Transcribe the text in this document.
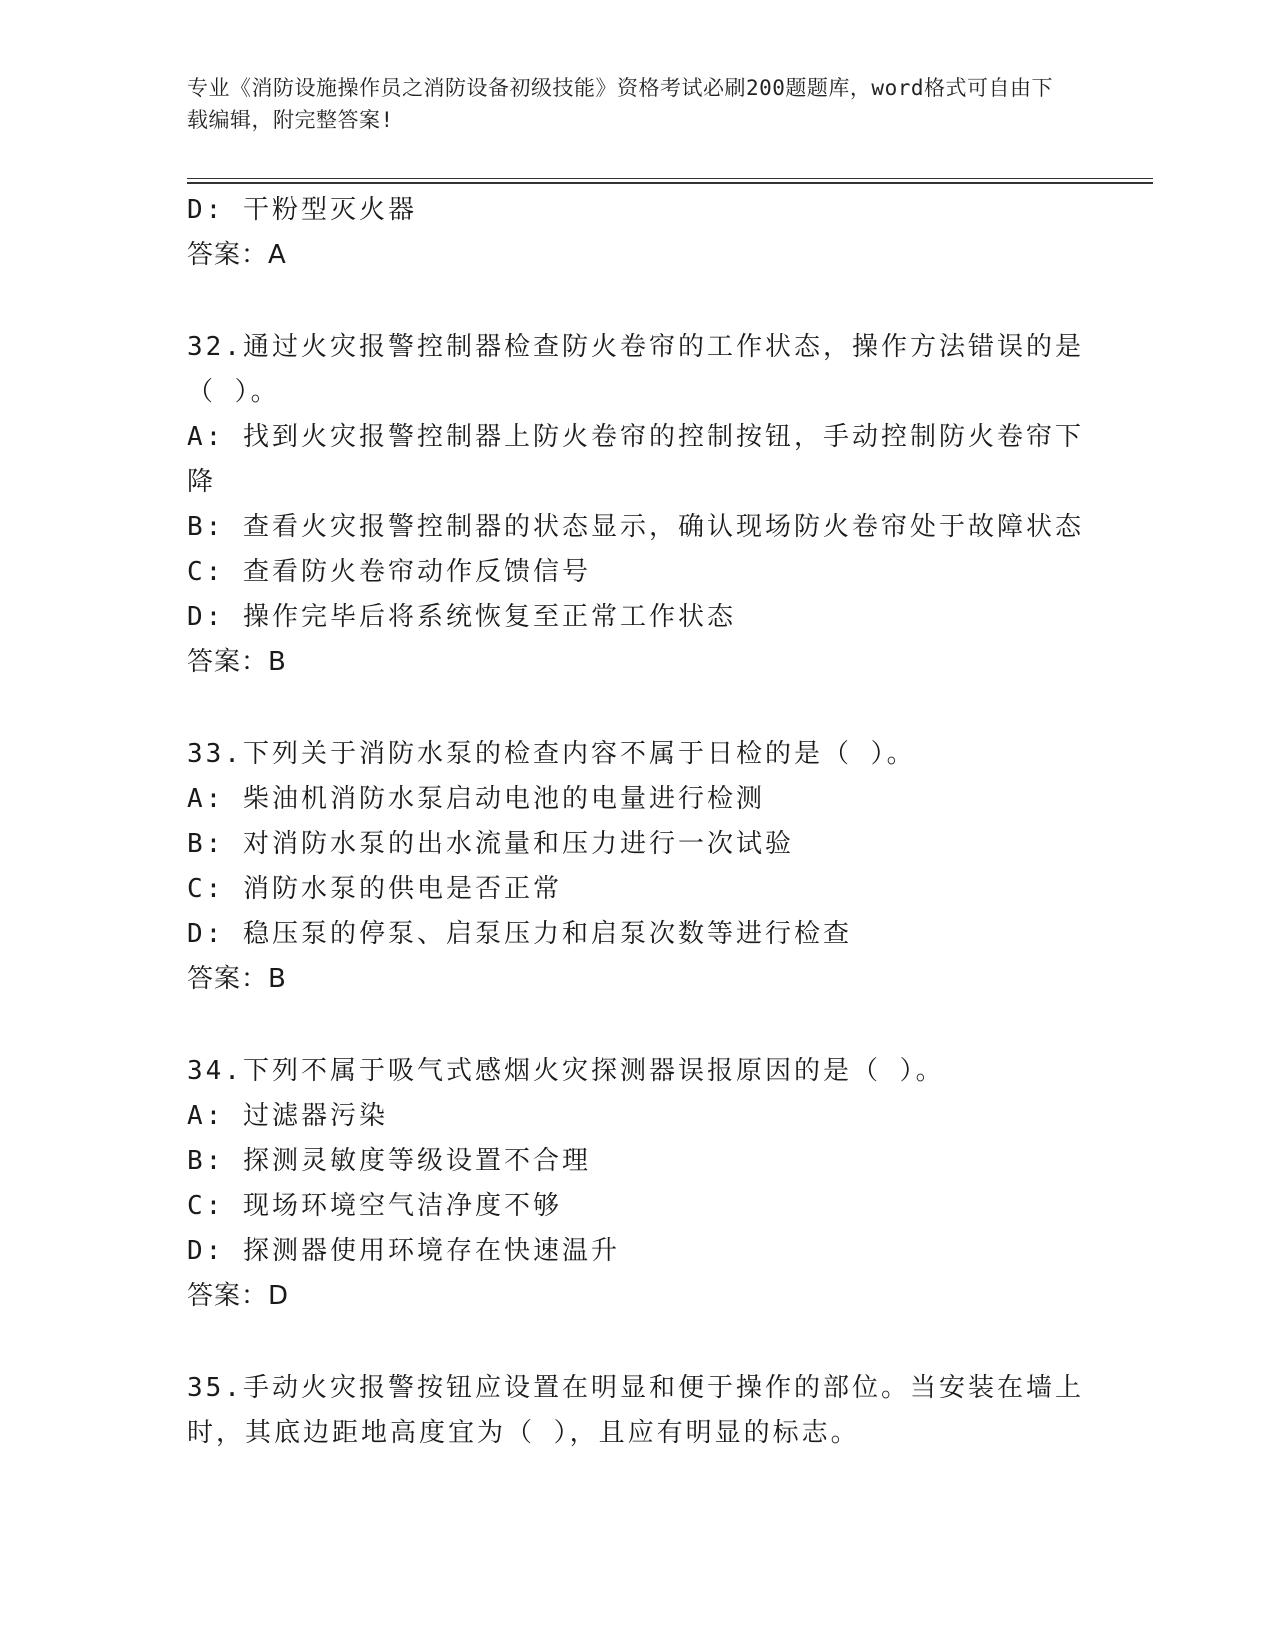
专业《消防设施操作员之消防设备初级技能》资格考试必刷200题题库，word格式可自由下载编辑，附完整答案!

D: 干粉型灭火器

答案：A

32.通过火灾报警控制器检查防火卷帘的工作状态，操作方法错误的是（ ）。

A: 找到火灾报警控制器上防火卷帘的控制按钮，手动控制防火卷帘下降

B: 查看火灾报警控制器的状态显示，确认现场防火卷帘处于故障状态

C: 查看防火卷帘动作反馈信号

D: 操作完毕后将系统恢复至正常工作状态

答案：B

33.下列关于消防水泵的检查内容不属于日检的是（ ）。

A: 柴油机消防水泵启动电池的电量进行检测

B: 对消防水泵的出水流量和压力进行一次试验

C: 消防水泵的供电是否正常

D: 稳压泵的停泵、启泵压力和启泵次数等进行检查

答案：B

34.下列不属于吸气式感烟火灾探测器误报原因的是（ ）。

A: 过滤器污染

B: 探测灵敏度等级设置不合理

C: 现场环境空气洁净度不够

D: 探测器使用环境存在快速温升

答案：D

35.手动火灾报警按钮应设置在明显和便于操作的部位。当安装在墙上时，其底边距地高度宜为（ ），且应有明显的标志。
